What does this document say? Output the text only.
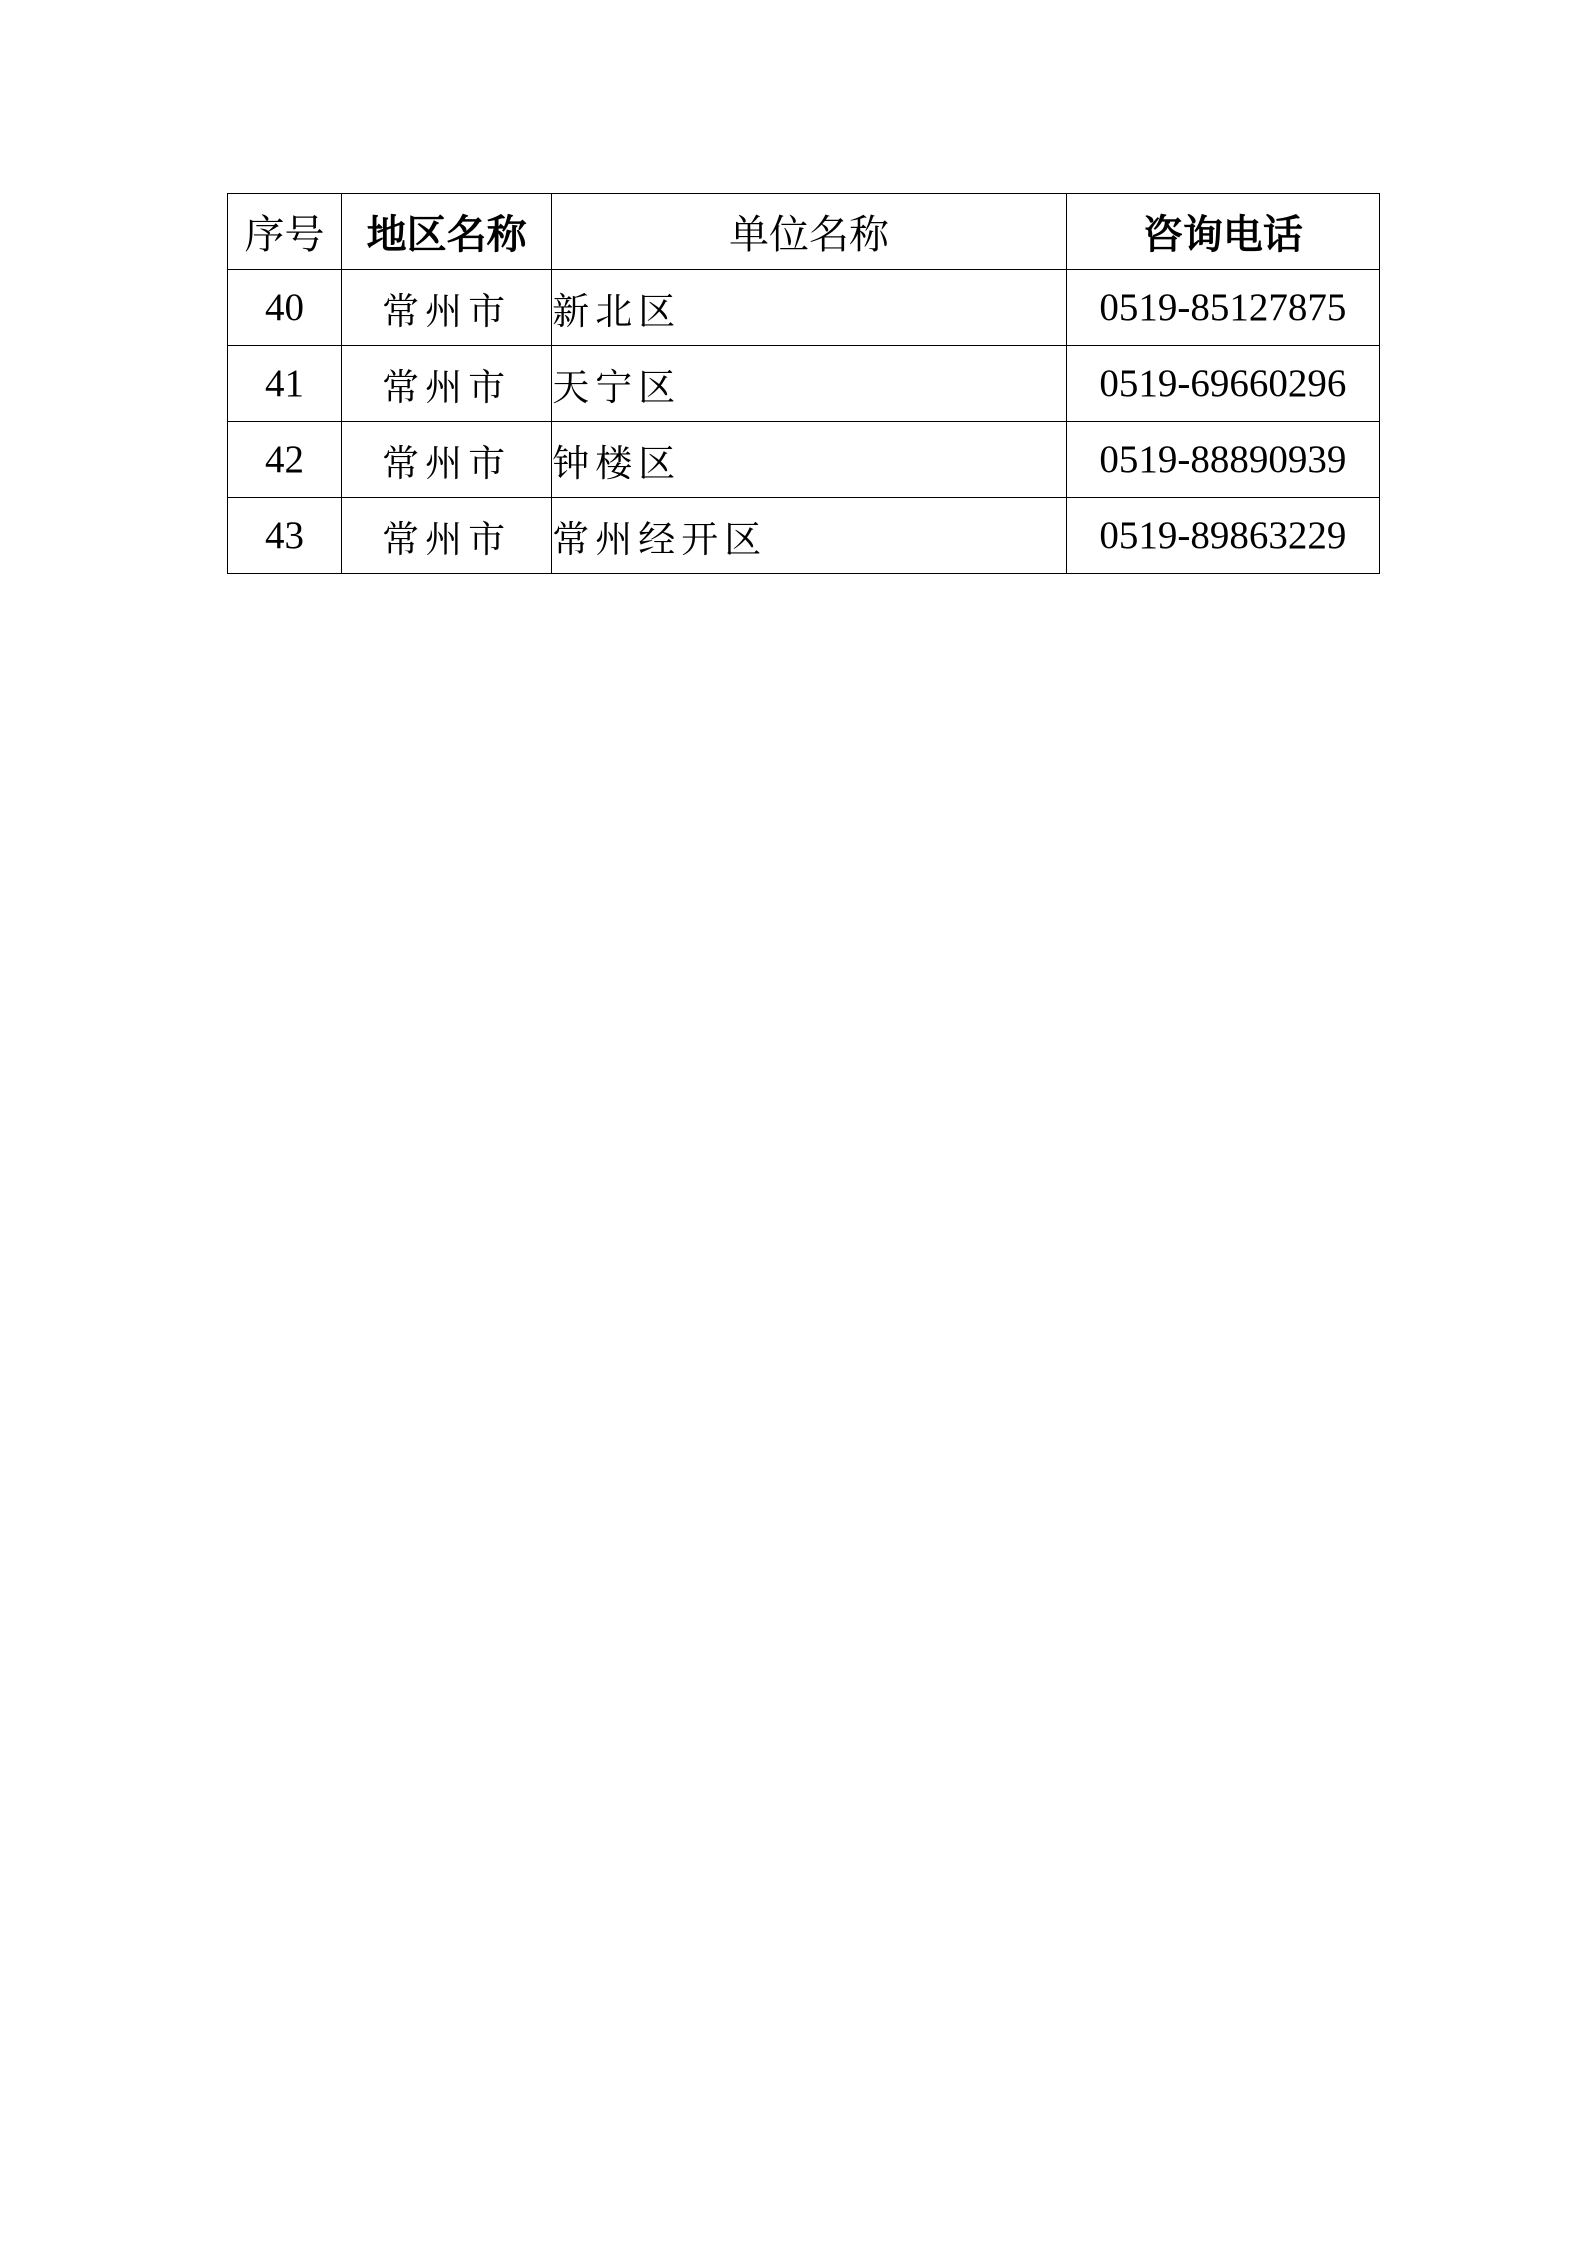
序号	地区名称	单位名称	咨询电话
40	常州市	新北区	0519-85127875
41	常州市	天宁区	0519-69660296
42	常州市	钟楼区	0519-88890939
43	常州市	常州经开区	0519-89863229
